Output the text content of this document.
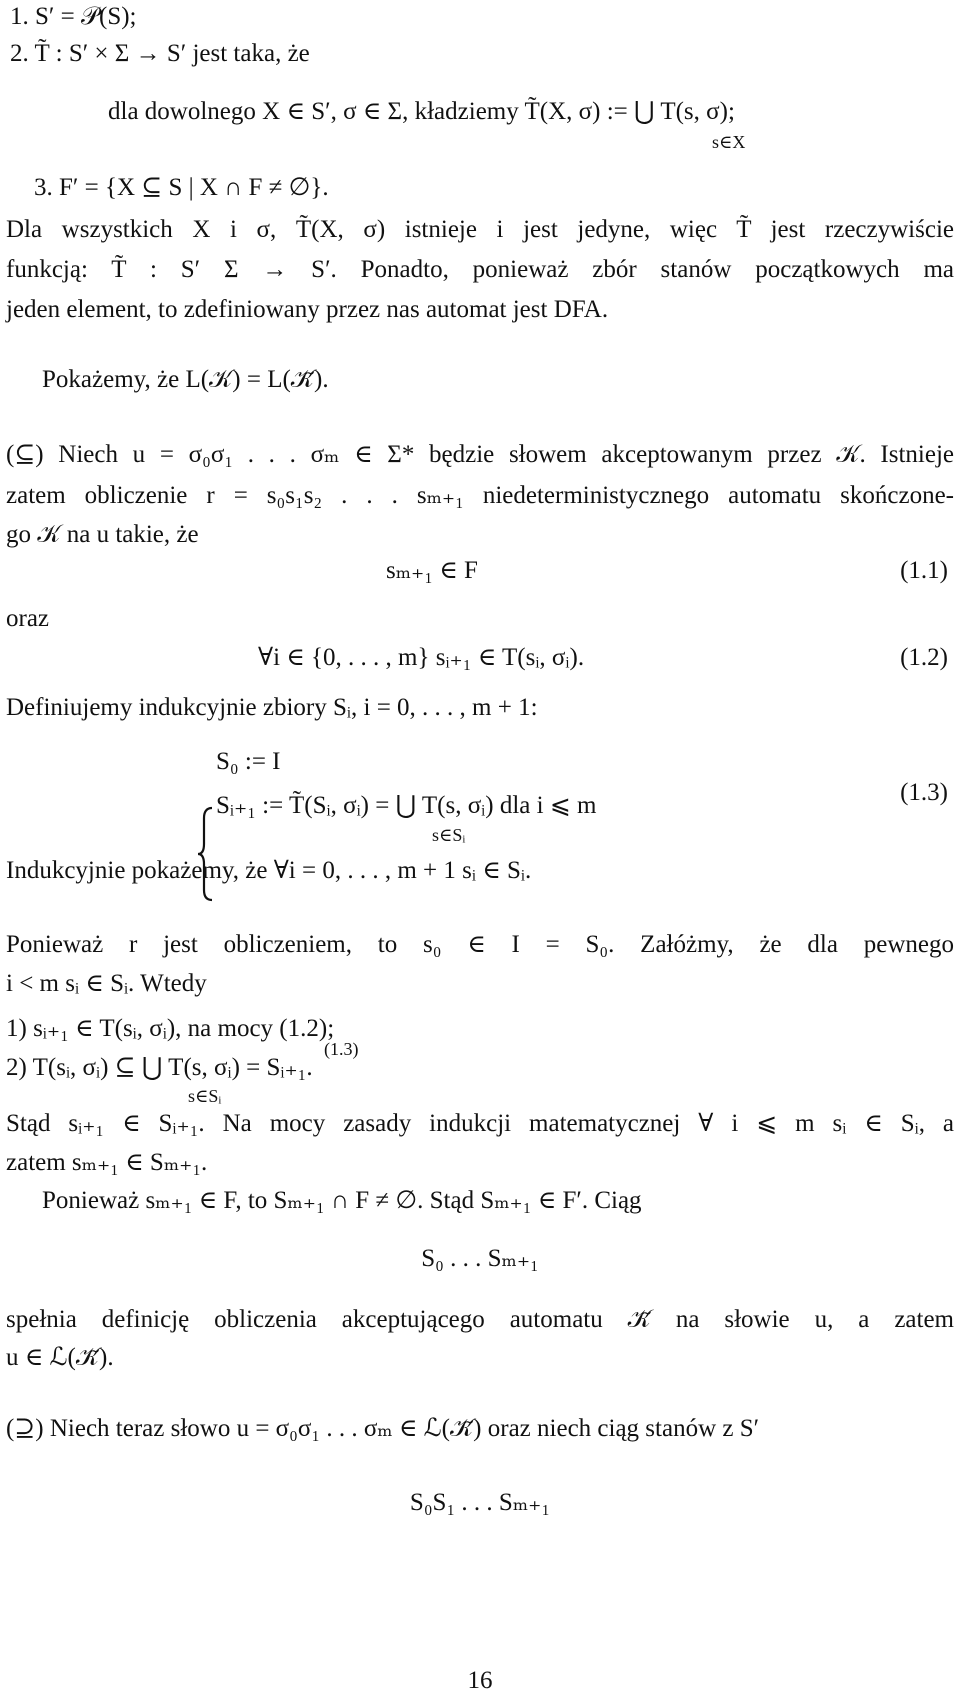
1. S′ = 𝒫(S);
2. T̃ : S′ × Σ → S′ jest taka, że
dla dowolnego X ∈ S′, σ ∈ Σ, kładziemy T̃(X, σ) := ⋃ T(s, σ);
s∈X
3. F′ = {X ⊆ S | X ∩ F ≠ ∅}.
Dla wszystkich X i σ, T̃(X, σ) istnieje i jest jedyne, więc T̃ jest rzeczywiście
funkcją: T̃ : S′ Σ → S′. Ponadto, ponieważ zbór stanów początkowych ma
jeden element, to zdefiniowany przez nas automat jest DFA.
Pokażemy, że L(𝒦) = L(𝒦̃).
(⊆) Niech u = σ₀σ₁ . . . σₘ ∈ Σ* będzie słowem akceptowanym przez 𝒦. Istnieje
zatem obliczenie r = s₀s₁s₂ . . . sₘ₊₁ niedeterministycznego automatu skończone-
go 𝒦 na u takie, że
sₘ₊₁ ∈ F	(1.1)
oraz
∀i ∈ {0, . . . , m} sᵢ₊₁ ∈ T(sᵢ, σᵢ).	(1.2)
Definiujemy indukcyjnie zbiory Sᵢ, i = 0, . . . , m + 1:
S₀ := I
Sᵢ₊₁ := T̃(Sᵢ, σᵢ) = ⋃ T(s, σᵢ) dla i ⩽ m
s∈Sᵢ
(1.3)
Indukcyjnie pokażemy, że ∀i = 0, . . . , m + 1 sᵢ ∈ Sᵢ.
Ponieważ r jest obliczeniem, to s₀ ∈ I = S₀. Załóżmy, że dla pewnego
i < m sᵢ ∈ Sᵢ. Wtedy
1) sᵢ₊₁ ∈ T(sᵢ, σᵢ), na mocy (1.2);
(1.3)
2) T(sᵢ, σᵢ) ⊆ ⋃ T(s, σᵢ) = Sᵢ₊₁.
s∈Sᵢ
Stąd sᵢ₊₁ ∈ Sᵢ₊₁. Na mocy zasady indukcji matematycznej ∀ i ⩽ m sᵢ ∈ Sᵢ, a
zatem sₘ₊₁ ∈ Sₘ₊₁.
Ponieważ sₘ₊₁ ∈ F, to Sₘ₊₁ ∩ F ≠ ∅. Stąd Sₘ₊₁ ∈ F′. Ciąg
S₀ . . . Sₘ₊₁
spełnia definicję obliczenia akceptującego automatu 𝒦̃ na słowie u, a zatem
u ∈ ℒ(𝒦̃).
(⊇) Niech teraz słowo u = σ₀σ₁ . . . σₘ ∈ ℒ(𝒦̃) oraz niech ciąg stanów z S′
S₀S₁ . . . Sₘ₊₁
16
